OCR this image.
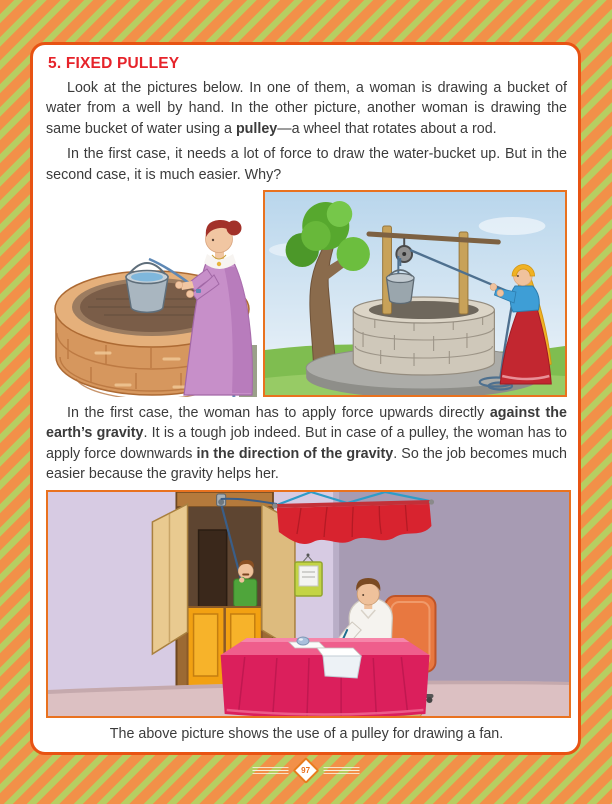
5. FIXED PULLEY

Look at the pictures below. In one of them, a woman is drawing a bucket of water from a well by hand. In the other picture, another woman is drawing the same bucket of water using a pulley—a wheel that rotates about a rod.

In the first case, it needs a lot of force to draw the water-bucket up. But in the second case, it is much easier. Why?

In the first case, the woman has to apply force upwards directly against the earth’s gravity. It is a tough job indeed. But in case of a pulley, the woman has to apply force downwards in the direction of the gravity. So the job becomes much easier because the gravity helps her.

The above picture shows the use of a pulley for drawing a fan.

97
